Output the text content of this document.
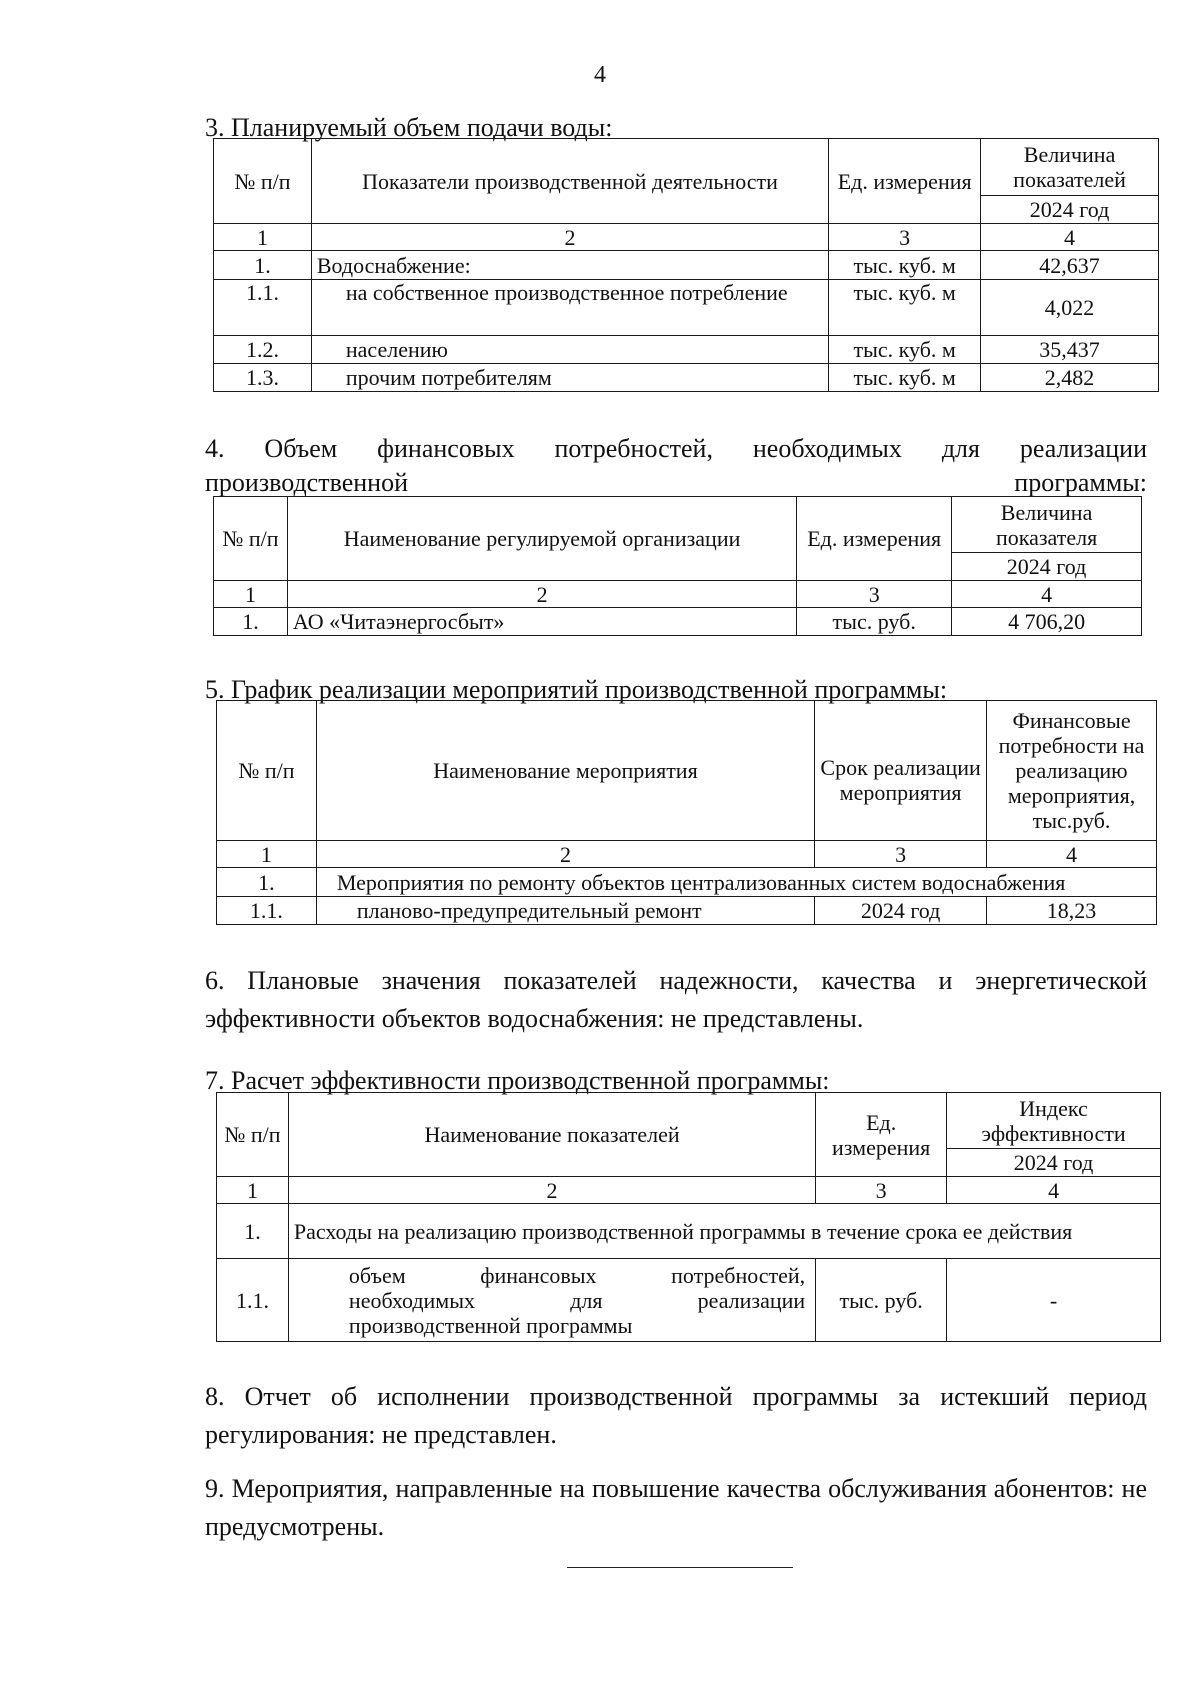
4

3. Планируемый объем подачи воды:

№ п/п	Показатели производственной деятельности	Ед. измерения	Величина показателей
			2024 год
1	2	3	4
1.	Водоснабжение:	тыс. куб. м	42,637
1.1.	на собственное производственное потребление	тыс. куб. м	4,022
1.2.	населению	тыс. куб. м	35,437
1.3.	прочим потребителям	тыс. куб. м	2,482

4. Объем финансовых потребностей, необходимых для реализации производственной программы:

№ п/п	Наименование регулируемой организации	Ед. измерения	Величина показателя
			2024 год
1	2	3	4
1.	АО «Читаэнергосбыт»	тыс. руб.	4 706,20

5. График реализации мероприятий производственной программы:

№ п/п	Наименование мероприятия	Срок реализации мероприятия	Финансовые потребности на реализацию мероприятия, тыс.руб.
1	2	3	4
1.	Мероприятия по ремонту объектов централизованных систем водоснабжения		
1.1.	планово-предупредительный ремонт	2024 год	18,23

6. Плановые значения показателей надежности, качества и энергетической эффективности объектов водоснабжения: не представлены.

7. Расчет эффективности производственной программы:

№ п/п	Наименование показателей	Ед. измерения	Индекс эффективности
			2024 год
1	2	3	4
1.	Расходы на реализацию производственной программы в течение срока ее действия		
1.1.	объем финансовых потребностей,
необходимых для реализации
производственной программы	тыс. руб.	-

8. Отчет об исполнении производственной программы за истекший период регулирования: не представлен.

9. Мероприятия, направленные на повышение качества обслуживания абонентов: не предусмотрены.
